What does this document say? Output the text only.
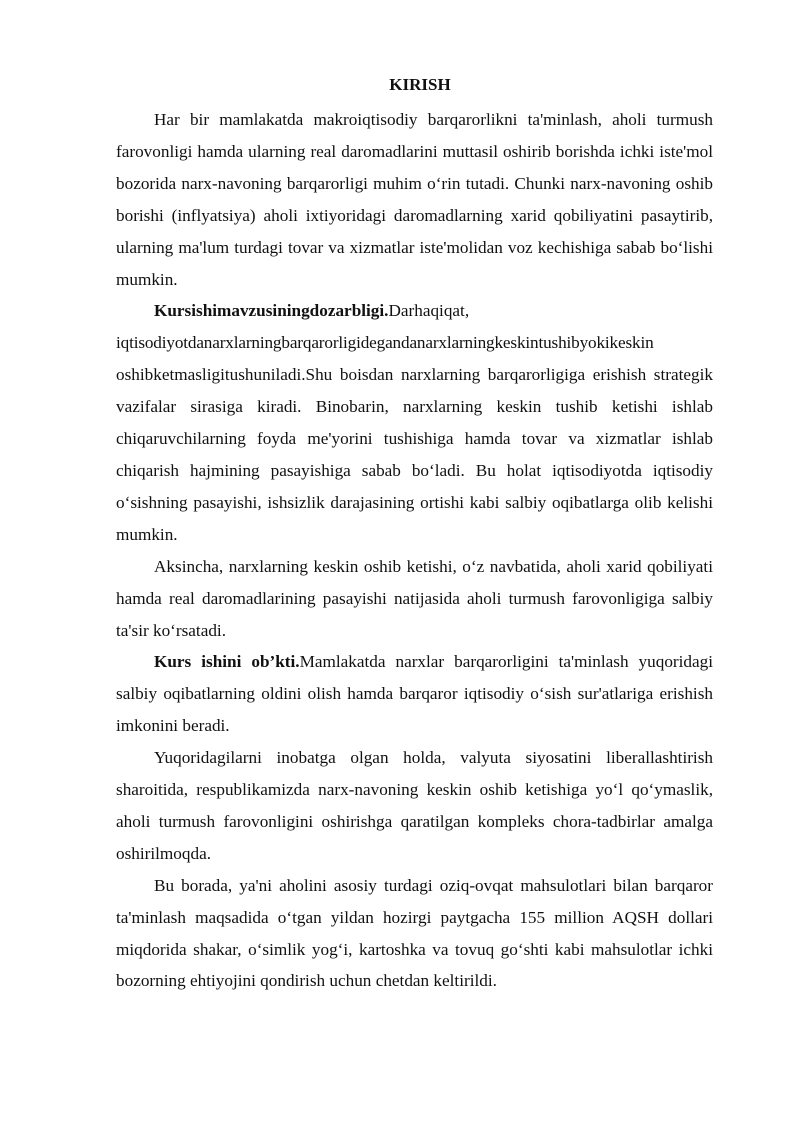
KIRISH

Har bir mamlakatda makroiqtisodiy barqarorlikni ta'minlash, aholi turmush farovonligi hamda ularning real daromadlarini muttasil oshirib borishda ichki iste'mol bozorida narx-navoning barqarorligi muhim o‘rin tutadi. Chunki narx-navoning oshib borishi (inflyatsiya) aholi ixtiyoridagi daromadlarning xarid qobiliyatini pasaytirib, ularning ma'lum turdagi tovar va xizmatlar iste'molidan voz kechishiga sabab bo‘lishi mumkin.

Kursishimavzusiningdozarbligi.Darhaqiqat,
iqtisodiyotdanarxlarningbarqarorligidegandanarxlarningkeskintushibyokikeskin

oshibketmasligitushuniladi.Shu boisdan narxlarning barqarorligiga erishish strategik vazifalar sirasiga kiradi. Binobarin, narxlarning keskin tushib ketishi ishlab chiqaruvchilarning foyda me'yorini tushishiga hamda tovar va xizmatlar ishlab chiqarish hajmining pasayishiga sabab bo‘ladi. Bu holat iqtisodiyotda iqtisodiy o‘sishning pasayishi, ishsizlik darajasining ortishi kabi salbiy oqibatlarga olib kelishi mumkin.

Aksincha, narxlarning keskin oshib ketishi, o‘z navbatida, aholi xarid qobiliyati hamda real daromadlarining pasayishi natijasida aholi turmush farovonligiga salbiy ta'sir ko‘rsatadi.

Kurs ishini ob’kti.Mamlakatda narxlar barqarorligini ta'minlash yuqoridagi salbiy oqibatlarning oldini olish hamda barqaror iqtisodiy o‘sish sur'atlariga erishish imkonini beradi.

Yuqoridagilarni inobatga olgan holda, valyuta siyosatini liberallashtirish sharoitida, respublikamizda narx-navoning keskin oshib ketishiga yo‘l qo‘ymaslik, aholi turmush farovonligini oshirishga qaratilgan kompleks chora-tadbirlar amalga oshirilmoqda.

Bu borada, ya'ni aholini asosiy turdagi oziq-ovqat mahsulotlari bilan barqaror ta'minlash maqsadida o‘tgan yildan hozirgi paytgacha 155 million AQSH dollari miqdorida shakar, o‘simlik yog‘i, kartoshka va tovuq go‘shti kabi mahsulotlar ichki bozorning ehtiyojini qondirish uchun chetdan keltirildi.
